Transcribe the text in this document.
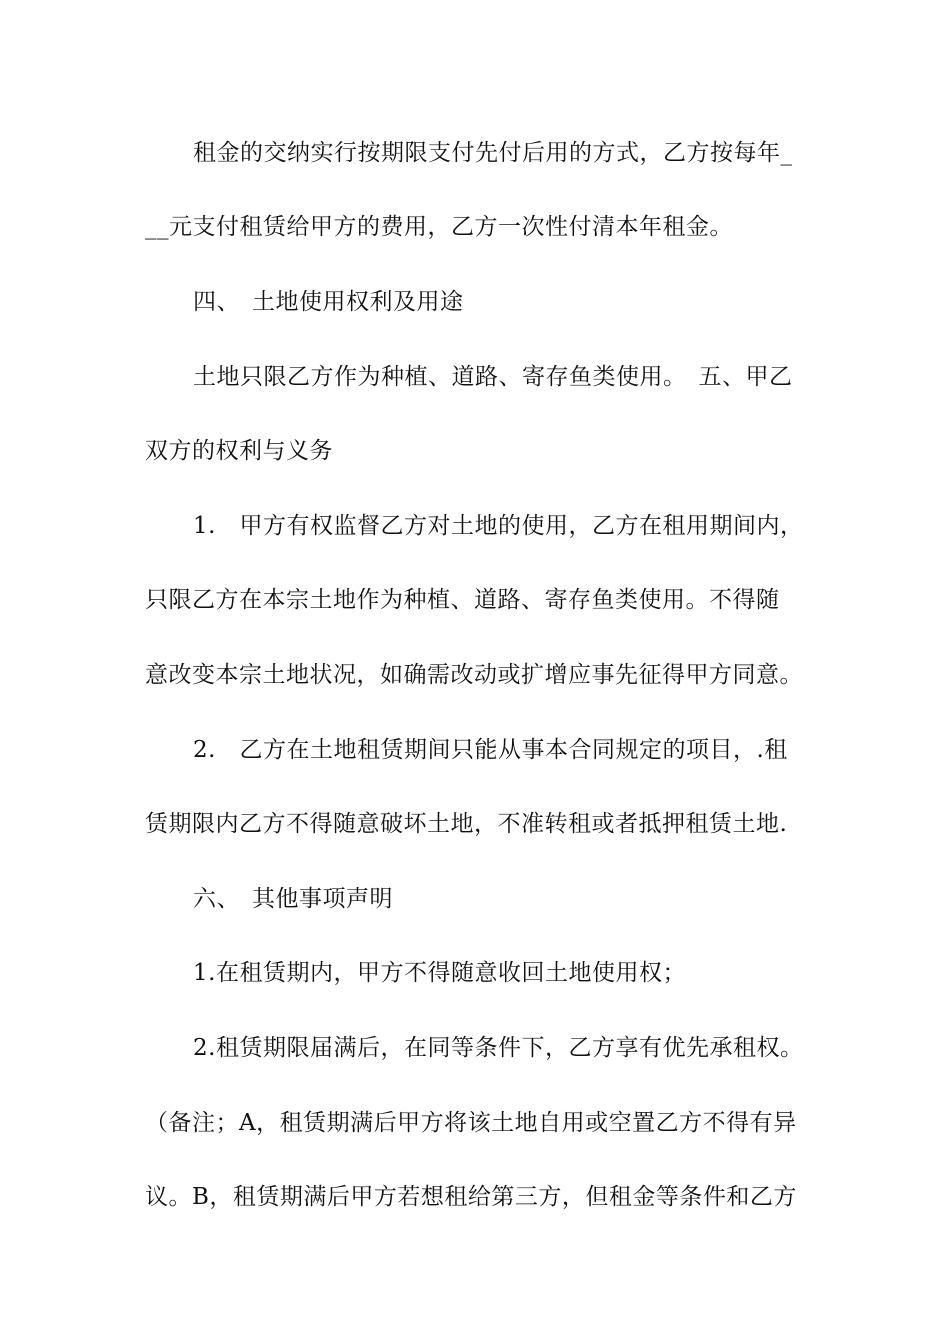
租金的交纳实行按期限支付先付后用的方式，乙方按每年_
__元支付租赁给甲方的费用，乙方一次性付清本年租金。
四、　土地使用权利及用途
土地只限乙方作为种植、道路、寄存鱼类使用。　五、甲乙
双方的权利与义务
1.　甲方有权监督乙方对土地的使用，乙方在租用期间内，
只限乙方在本宗土地作为种植、道路、寄存鱼类使用。不得随
意改变本宗土地状况，如确需改动或扩增应事先征得甲方同意。
2.　乙方在土地租赁期间只能从事本合同规定的项目，.租
赁期限内乙方不得随意破坏土地，不准转租或者抵押租赁土地.
六、　其他事项声明
1.在租赁期内，甲方不得随意收回土地使用权；
2.租赁期限届满后，在同等条件下，乙方享有优先承租权。
（备注；A，租赁期满后甲方将该土地自用或空置乙方不得有异
议。B，租赁期满后甲方若想租给第三方，但租金等条件和乙方
